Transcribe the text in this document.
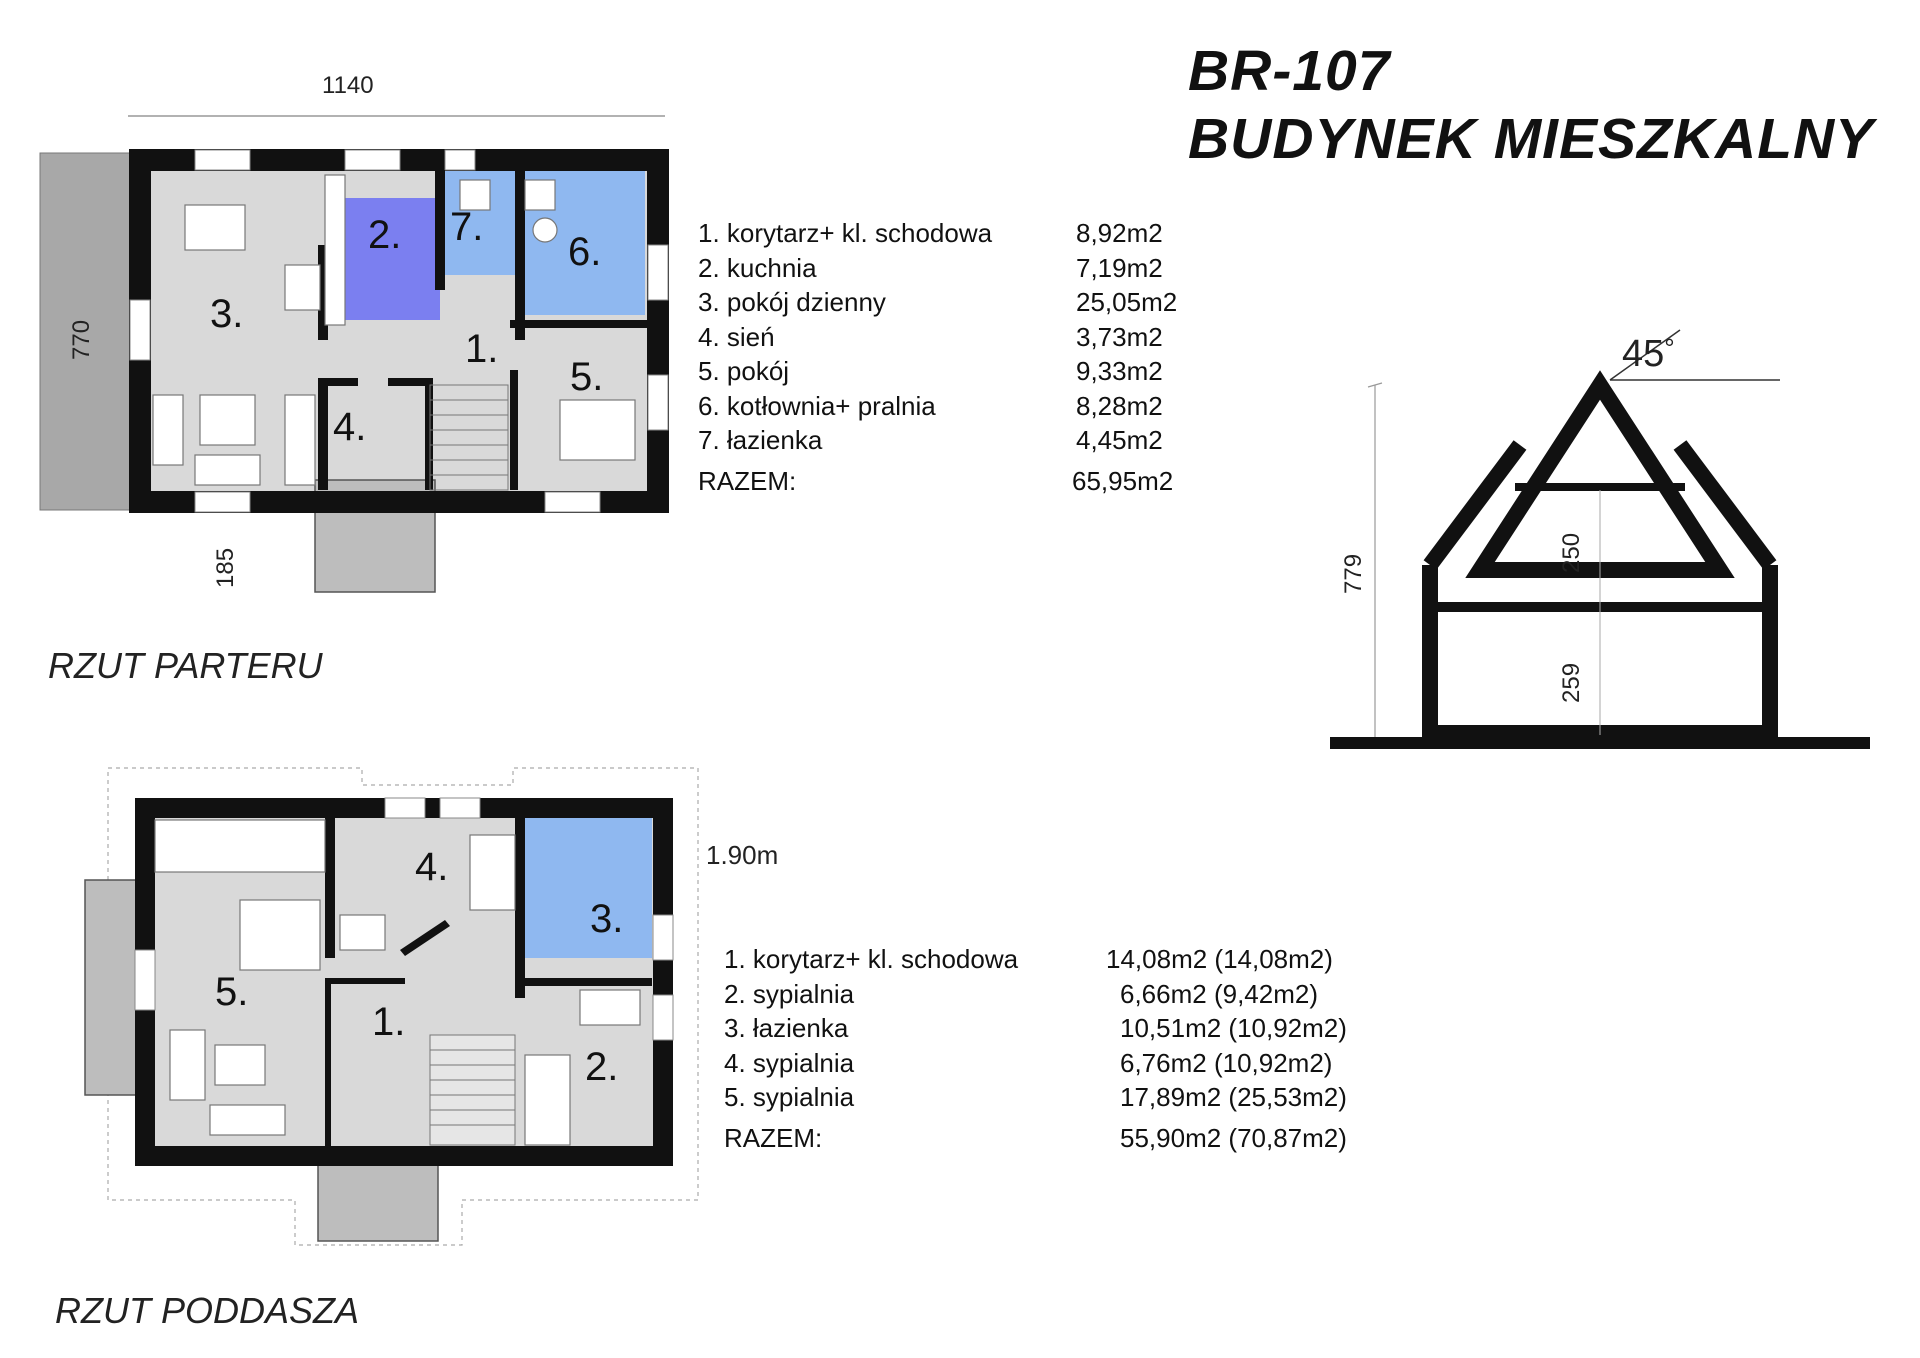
BR-107
BUDYNEK MIESZKALNY
1.
2.
3.
4.
5.
6.
7.
1140
770
185
RZUT PARTERU
1. korytarz+ kl. schodowa	8,92m2
2. kuchnia	7,19m2
3. pokój dzienny	25,05m2
4. sień	3,73m2
5. pokój	9,33m2
6. kotłownia+ pralnia	8,28m2
7. łazienka	4,45m2
RAZEM:	65,95m2
45°
779
250
259
1.
2.
3.
4.
5.
1.90m
RZUT PODDASZA
1. korytarz+ kl. schodowa	14,08m2 (14,08m2)
2. sypialnia	6,66m2 (9,42m2)
3. łazienka	10,51m2 (10,92m2)
4. sypialnia	6,76m2 (10,92m2)
5. sypialnia	17,89m2 (25,53m2)
RAZEM:	55,90m2 (70,87m2)
